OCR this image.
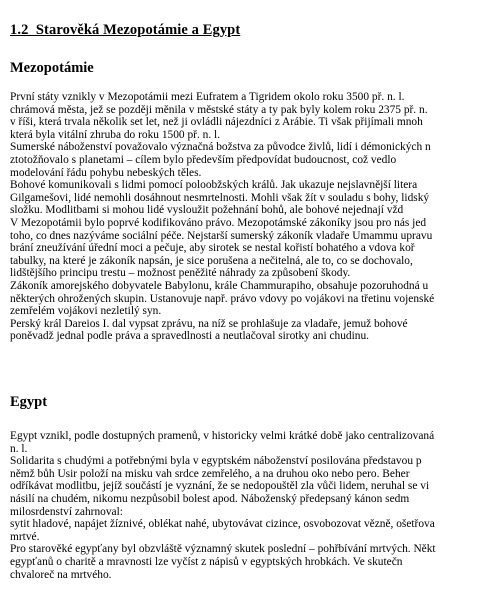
1.2  Starověká Mezopotámie a Egypt
Mezopotámie
První státy vznikly v Mezopotámii mezi Eufratem a Tigridem okolo roku 3500 př. n. l.
chrámová města, jež se později měnila v městské státy a ty pak byly kolem roku 2375 př. n.
v říši, která trvala několik set let, než ji ovládli nájezdníci z Arábie. Ti však přijímali mnoh
která byla vitální zhruba do roku 1500 př. n. l.
Sumerské náboženství považovalo význačná božstva za původce živlů, lidí i démonických n
ztotožňovalo s planetami – cílem bylo především předpovídat budoucnost, což vedlo
modelování řádu pohybu nebeských těles.
Bohové komunikovali s lidmi pomocí poloobžských králů. Jak ukazuje nejslavnější litera
Gilgamešovi, lidé nemohli dosáhnout nesmrtelnosti. Mohli však žít v souladu s bohy, lidský
složku. Modlitbami si mohou lidé vysloužit požehnání bohů, ale bohové nejednají vžd
V Mezopotámii bylo poprvé kodifikováno právo. Mezopotámské zákoníky jsou pro nás jed
toho, co dnes nazýváme sociální péče. Nejstarší sumerský zákoník vladaře Umammu upravu
brání zneužívání úřední moci a pečuje, aby sirotek se nestal kořistí bohatého a vdova koř
tabulky, na které je zákoník napsán, je sice porušena a nečitelná, ale to, co se dochovalo,
lidštějšího principu trestu – možnost peněžité náhrady za způsobení škody.
Zákoník amorejského dobyvatele Babylonu, krále Chammurapiho, obsahuje pozoruhodná u
některých ohrožených skupin. Ustanovuje např. právo vdovy po vojákovi na třetinu vojenské
zemřelém vojákovi nezletilý syn.
Perský král Dareios I. dal vypsat zprávu, na níž se prohlašuje za vladaře, jemuž bohové
poněvadž jednal podle práva a spravedlnosti a neutlačoval sirotky ani chudinu.
Egypt
Egypt vznikl, podle dostupných pramenů, v historicky velmi krátké době jako centralizovaná
n. l.
Solidarita s chudými a potřebnými byla v egyptském náboženství posilována představou p
němž bůh Usir položí na misku vah srdce zemřelého, a na druhou oko nebo pero. Beher
odříkávat modlitbu, jejíž součástí je vyznání, že se nedopouštěl zla vůči lidem, neruhal se vi
násilí na chudém, nikomu nezpůsobil bolest apod. Náboženský předepsaný kánon sedm
milosrdenství zahrnoval:
sytit hladové, napájet žíznivé, oblékat nahé, ubytovávat cizince, osvobozovat vězně, ošetřova
mrtvé.
Pro starověké egypťany byl obzvláště významný skutek poslední – pohřbívání mrtvých. Někt
egypťanů o charitě a mravnosti lze vyčíst z nápisů v egyptských hrobkách. Ve skutečn
chvaloreč na mrtvého.
